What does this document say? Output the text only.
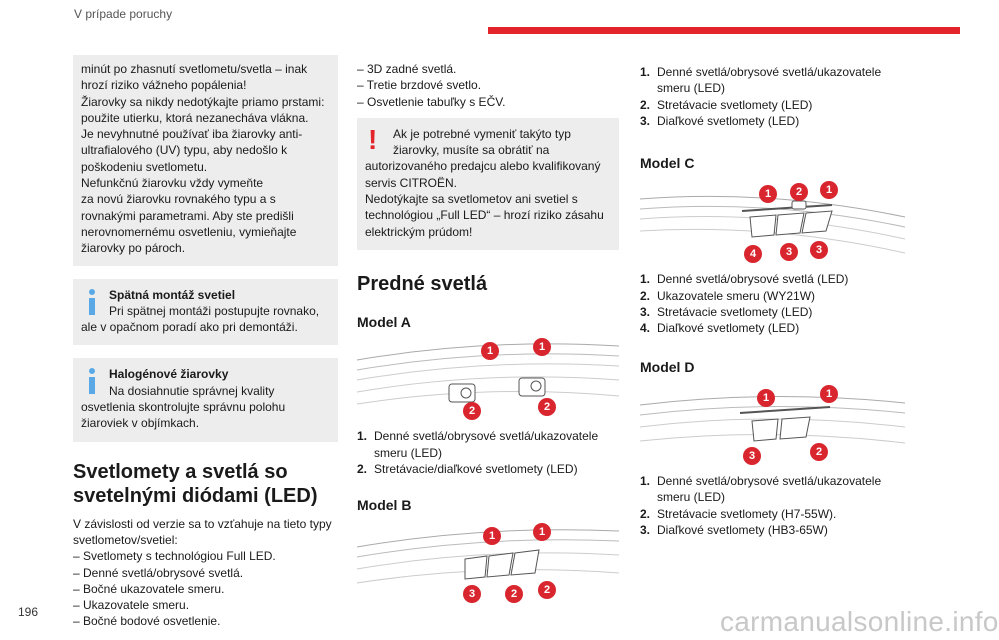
V prípade poruchy

minút po zhasnutí svetlometu/svetla – inak

hrozí riziko vážneho popálenia!

Žiarovky sa nikdy nedotýkajte priamo prstami:

použite utierku, ktorá nezanecháva vlákna.

Je nevyhnutné používať iba žiarovky anti-

ultrafialového (UV) typu, aby nedošlo k

poškodeniu svetlometu.

Nefunkčnú žiarovku vždy vymeňte

za novú žiarovku rovnakého typu a s

rovnakými parametrami. Aby ste predišli

nerovnomernému osvetleniu, vymieňajte

žiarovky po pároch.

Spätná montáž svetiel
Pri spätnej montáži postupujte rovnako,
ale v opačnom poradí ako pri demontáži.
Halogénové žiarovky
Na dosiahnutie správnej kvality
osvetlenia skontrolujte správnu polohu
žiaroviek v objímkach.
Svetlomety a svetlá so svetelnými diódami (LED)

V závislosti od verzie sa to vzťahuje na tieto typy

svetlometov/svetiel:

– Svetlomety s technológiou Full LED.
– Denné svetlá/obrysové svetlá.
– Bočné ukazovatele smeru.
– Ukazovatele smeru.
– Bočné bodové osvetlenie.
– 3D zadné svetlá.
– Tretie brzdové svetlo.
– Osvetlenie tabuľky s EČV.
!	Ak je potrebné vymeniť takýto typ
žiarovky, musíte sa obrátiť na
autorizovaného predajcu alebo kvalifikovaný
servis CITROËN.
Nedotýkajte sa svetlometov ani svetiel s
technológiou „Full LED“ – hrozí riziko zásahu
elektrickým prúdom!
Predné svetlá
Model A
1	1
2	2
1. Denné svetlá/obrysové svetlá/ukazovatele smeru (LED)
2. Stretávacie/diaľkové svetlomety (LED)
Model B
1	1
3	2	2
1. Denné svetlá/obrysové svetlá/ukazovatele smeru (LED)
2. Stretávacie svetlomety (LED)
3. Diaľkové svetlomety (LED)
Model C
1	2	1
4	3	3
1. Denné svetlá/obrysové svetlá (LED)
2. Ukazovatele smeru (WY21W)
3. Stretávacie svetlomety (LED)
4. Diaľkové svetlomety (LED)
Model D
1	1
3	2
1. Denné svetlá/obrysové svetlá/ukazovatele smeru (LED)
2. Stretávacie svetlomety (H7-55W).
3. Diaľkové svetlomety (HB3-65W)
196	carmanualsonline.info
